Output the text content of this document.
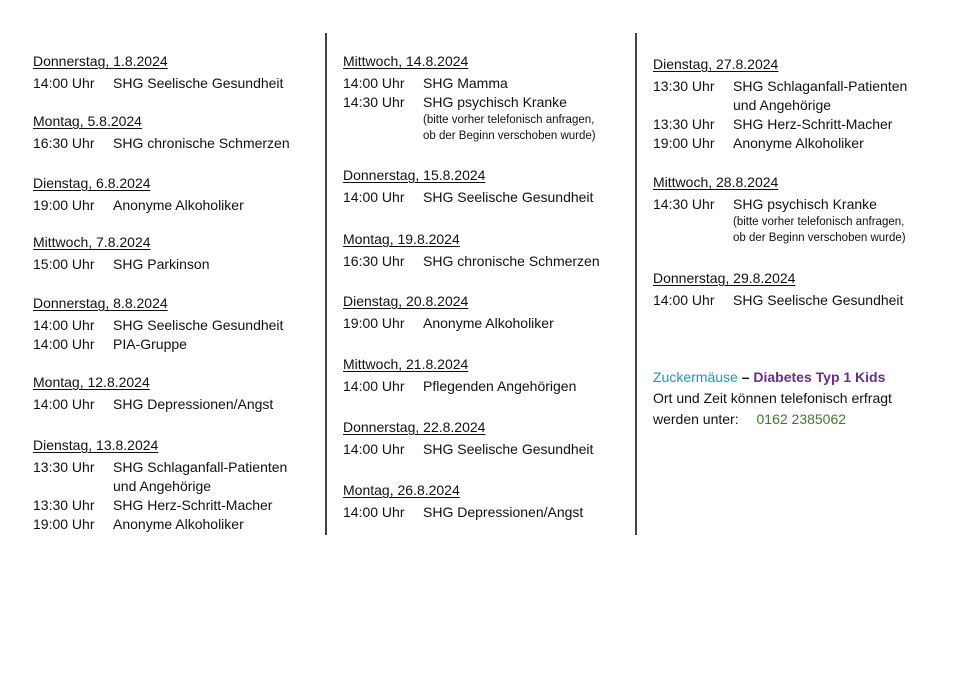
Donnerstag, 1.8.2024
14:00 Uhr	SHG Seelische Gesundheit
Montag, 5.8.2024
16:30 Uhr	SHG chronische Schmerzen
Dienstag, 6.8.2024
19:00 Uhr	Anonyme Alkoholiker
Mittwoch, 7.8.2024
15:00 Uhr	SHG Parkinson
Donnerstag, 8.8.2024
14:00 Uhr	SHG Seelische Gesundheit
14:00 Uhr	PIA-Gruppe
Montag, 12.8.2024
14:00 Uhr	SHG Depressionen/Angst
Dienstag, 13.8.2024
13:30 Uhr	SHG Schlaganfall-Patienten
und Angehörige
13:30 Uhr	SHG Herz-Schritt-Macher
19:00 Uhr	Anonyme Alkoholiker
Mittwoch, 14.8.2024
14:00 Uhr	SHG Mamma
14:30 Uhr	SHG psychisch Kranke
(bitte vorher telefonisch anfragen,
ob der Beginn verschoben wurde)
Donnerstag, 15.8.2024
14:00 Uhr	SHG Seelische Gesundheit
Montag, 19.8.2024
16:30 Uhr	SHG chronische Schmerzen
Dienstag, 20.8.2024
19:00 Uhr	Anonyme Alkoholiker
Mittwoch, 21.8.2024
14:00 Uhr	Pflegenden Angehörigen
Donnerstag, 22.8.2024
14:00 Uhr	SHG Seelische Gesundheit
Montag, 26.8.2024
14:00 Uhr	SHG Depressionen/Angst
Dienstag, 27.8.2024
13:30 Uhr	SHG Schlaganfall-Patienten
und Angehörige
13:30 Uhr	SHG Herz-Schritt-Macher
19:00 Uhr	Anonyme Alkoholiker
Mittwoch, 28.8.2024
14:30 Uhr	SHG psychisch Kranke
(bitte vorher telefonisch anfragen,
ob der Beginn verschoben wurde)
Donnerstag, 29.8.2024
14:00 Uhr	SHG Seelische Gesundheit
Zuckermäuse – Diabetes Typ 1 Kids
Ort und Zeit können telefonisch erfragt
werden unter: 0162 2385062
